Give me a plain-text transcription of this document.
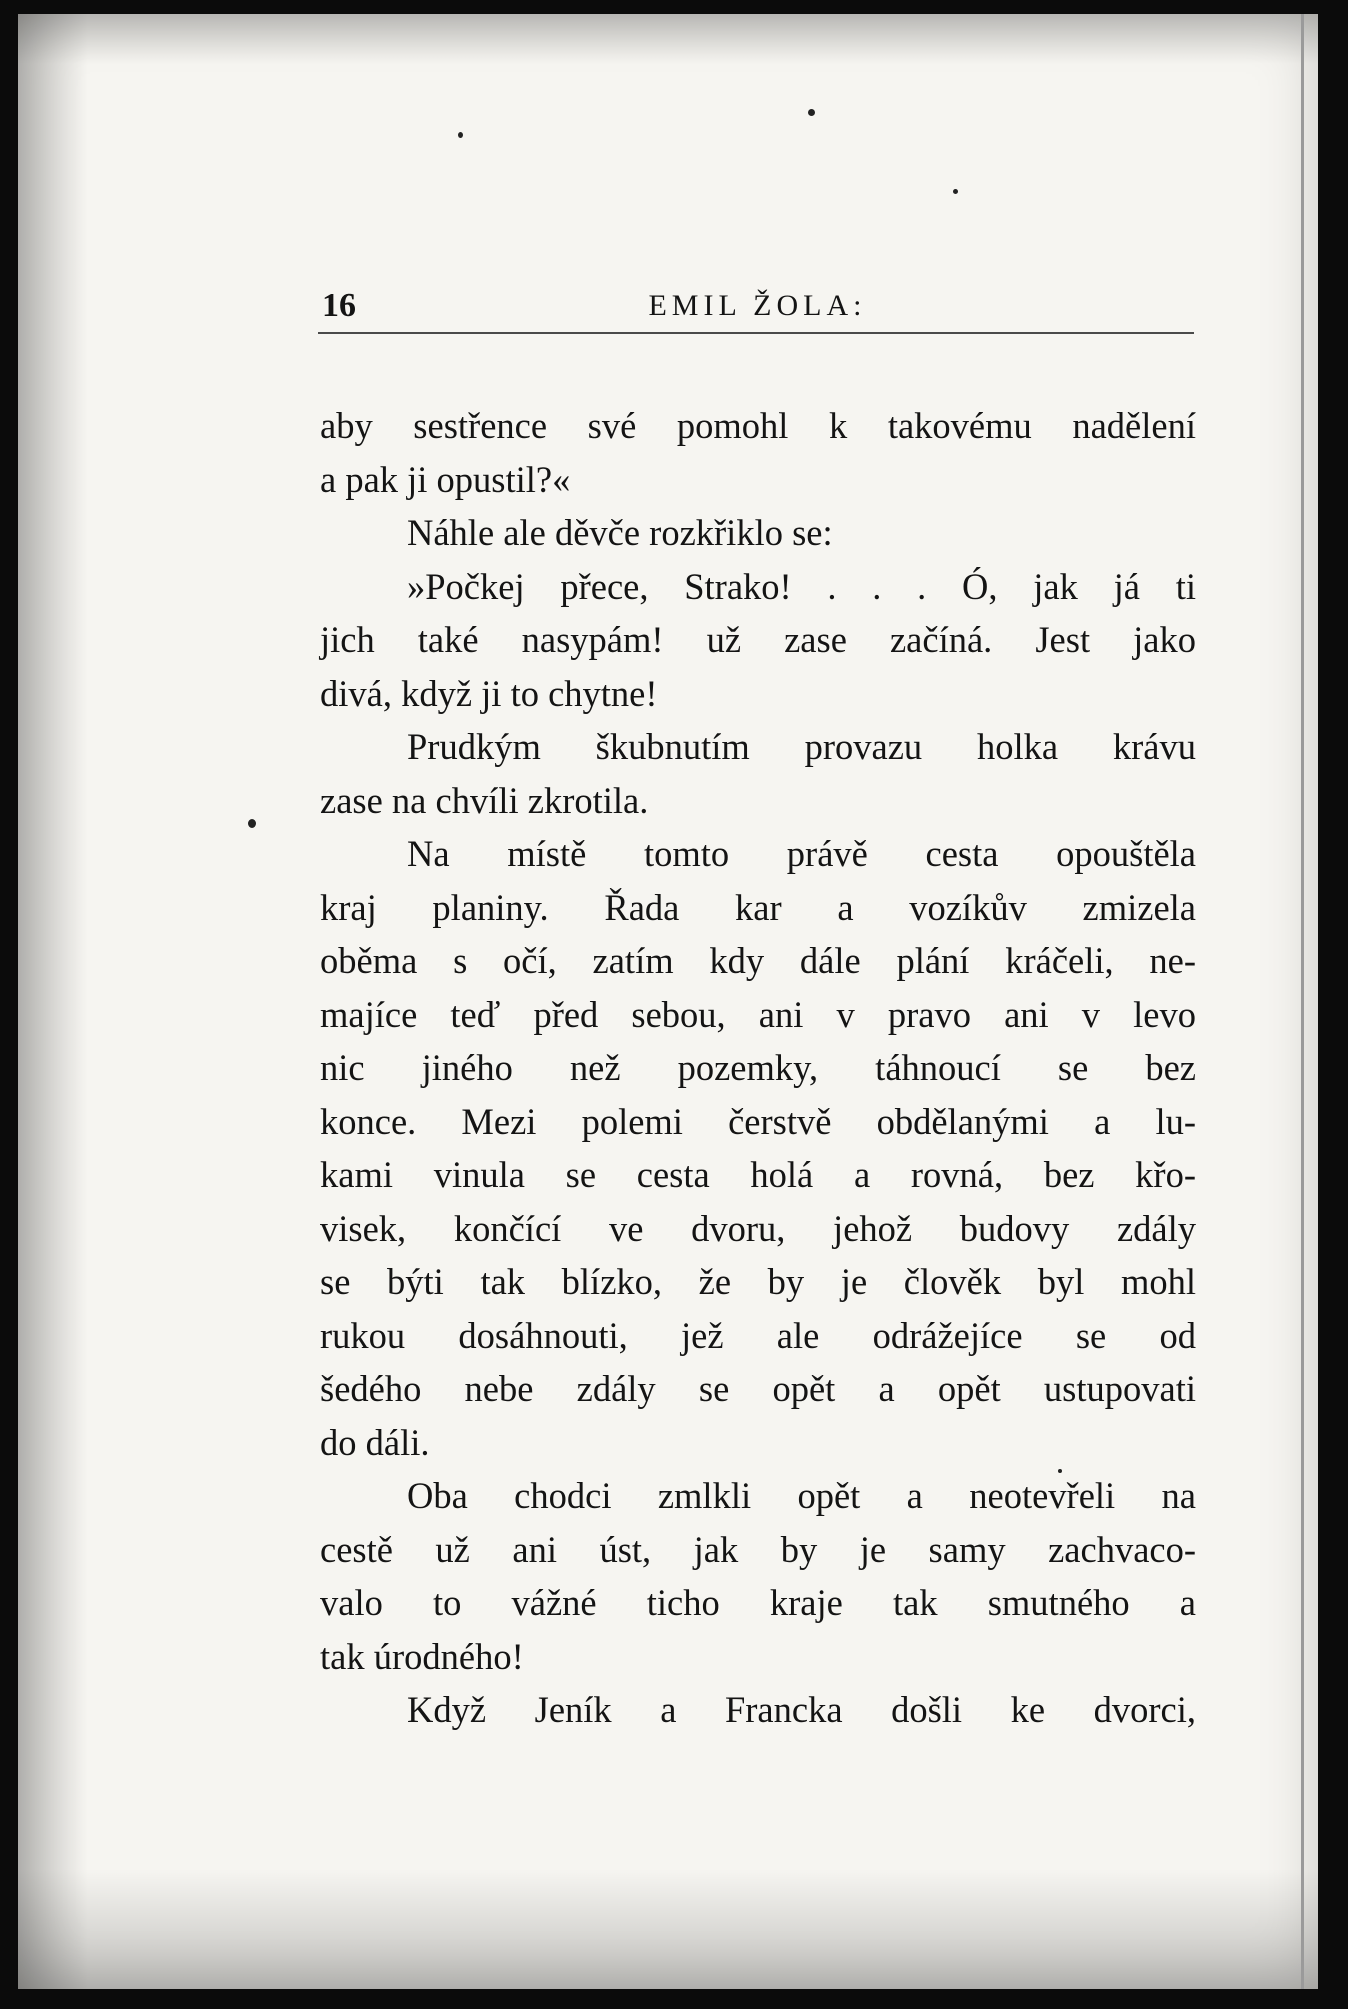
16	EMIL ŽOLA:
aby sestřence své pomohl k takovému nadělení
a pak ji opustil?«
Náhle ale děvče rozkřiklo se:
»Počkej přece, Strako! . . . Ó, jak já ti
jich také nasypám! už zase začíná. Jest jako
divá, když ji to chytne!
Prudkým škubnutím provazu holka krávu
zase na chvíli zkrotila.
Na místě tomto právě cesta opouštěla
kraj planiny. Řada kar a vozíkův zmizela
oběma s očí, zatím kdy dále plání kráčeli, ne-
majíce teď před sebou, ani v pravo ani v levo
nic jiného než pozemky, táhnoucí se bez
konce. Mezi polemi čerstvě obdělanými a lu-
kami vinula se cesta holá a rovná, bez křo-
visek, končící ve dvoru, jehož budovy zdály
se býti tak blízko, že by je člověk byl mohl
rukou dosáhnouti, jež ale odrážejíce se od
šedého nebe zdály se opět a opět ustupovati
do dáli.
Oba chodci zmlkli opět a neotevřeli na
cestě už ani úst, jak by je samy zachvaco-
valo to vážné ticho kraje tak smutného a
tak úrodného!
Když Jeník a Francka došli ke dvorci,
